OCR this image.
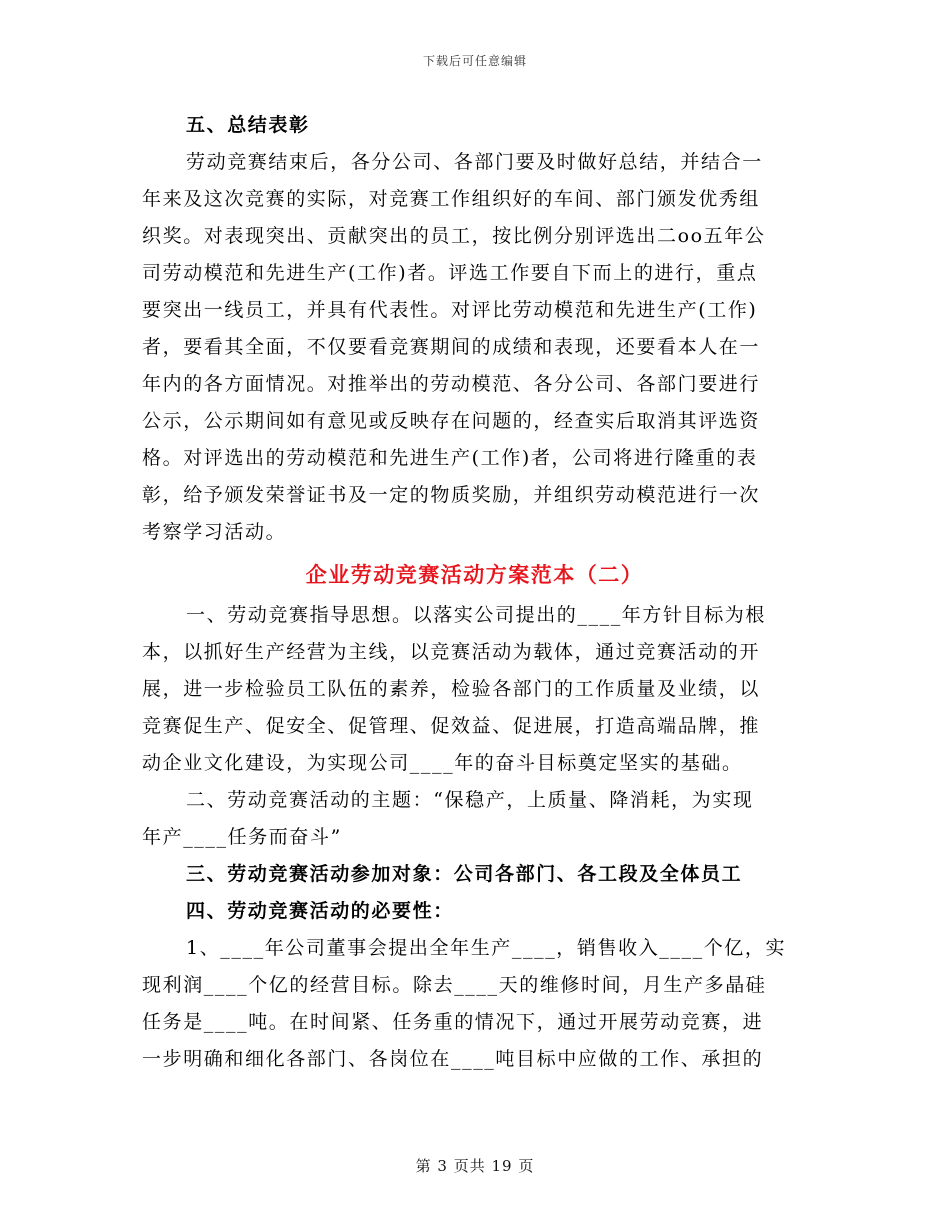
下载后可任意编辑
五、总结表彰
劳动竞赛结束后，各分公司、各部门要及时做好总结，并结合一
年来及这次竞赛的实际，对竞赛工作组织好的车间、部门颁发优秀组
织奖。对表现突出、贡献突出的员工，按比例分别评选出二oo五年公
司劳动模范和先进生产(工作)者。评选工作要自下而上的进行，重点
要突出一线员工，并具有代表性。对评比劳动模范和先进生产(工作)
者，要看其全面，不仅要看竞赛期间的成绩和表现，还要看本人在一
年内的各方面情况。对推举出的劳动模范、各分公司、各部门要进行
公示，公示期间如有意见或反映存在问题的，经查实后取消其评选资
格。对评选出的劳动模范和先进生产(工作)者，公司将进行隆重的表
彰，给予颁发荣誉证书及一定的物质奖励，并组织劳动模范进行一次
考察学习活动。
企业劳动竞赛活动方案范本（二）
一、劳动竞赛指导思想。以落实公司提出的____年方针目标为根
本，以抓好生产经营为主线，以竞赛活动为载体，通过竞赛活动的开
展，进一步检验员工队伍的素养，检验各部门的工作质量及业绩，以
竞赛促生产、促安全、促管理、促效益、促进展，打造高端品牌，推
动企业文化建设，为实现公司____年的奋斗目标奠定坚实的基础。
二、劳动竞赛活动的主题：“保稳产，上质量、降消耗，为实现
年产____任务而奋斗”
三、劳动竞赛活动参加对象：公司各部门、各工段及全体员工
四、劳动竞赛活动的必要性：
1、____年公司董事会提出全年生产____，销售收入____个亿，实
现利润____个亿的经营目标。除去____天的维修时间，月生产多晶硅
任务是____吨。在时间紧、任务重的情况下，通过开展劳动竞赛，进
一步明确和细化各部门、各岗位在____吨目标中应做的工作、承担的
第 3 页共 19 页
